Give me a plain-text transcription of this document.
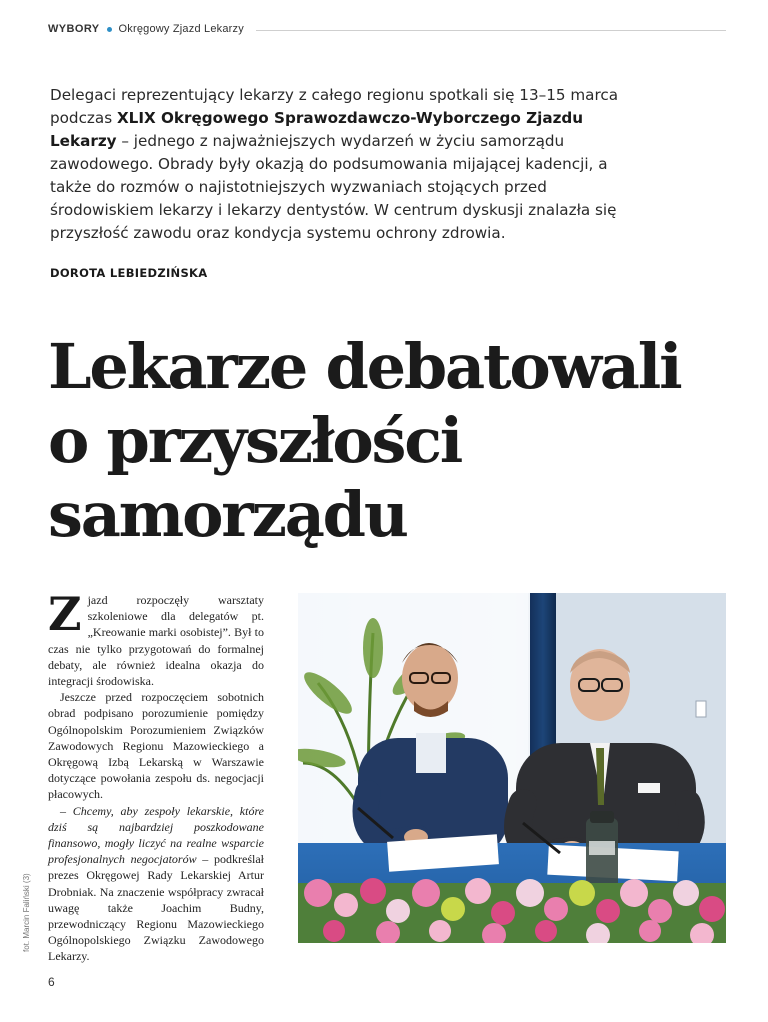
WYBORY Okręgowy Zjazd Lekarzy

Delegaci reprezentujący lekarzy z całego regionu spotkali się 13–15 marca podczas XLIX Okręgowego Sprawozdawczo-Wyborczego Zjazdu Lekarzy – jednego z najważniejszych wydarzeń w życiu samorządu zawodowego. Obrady były okazją do podsumowania mijającej kadencji, a także do rozmów o najistotniejszych wyzwaniach stojących przed środowiskiem lekarzy i lekarzy dentystów. W centrum dyskusji znalazła się przyszłość zawodu oraz kondycja systemu ochrony zdrowia.

DOROTA LEBIEDZIŃSKA
Lekarze debatowali
o przyszłości
samorządu

Zjazd rozpoczęły warsztaty szkoleniowe dla delegatów pt. „Kreowanie marki osobistej”. Był to czas nie tylko przygotowań do formalnej debaty, ale również idealna okazja do integracji środowiska.

Jeszcze przed rozpoczęciem sobotnich obrad podpisano porozumienie pomiędzy Ogólnopolskim Porozumieniem Związków Zawodowych Regionu Mazowieckiego a Okręgową Izbą Lekarską w Warszawie dotyczące powołania zespołu ds. negocjacji płacowych.

– Chcemy, aby zespoły lekarskie, które dziś są najbardziej poszkodowane finansowo, mogły liczyć na realne wsparcie profesjonalnych negocjatorów – podkreślał prezes Okręgowej Rady Lekarskiej Artur Drobniak. Na znaczenie współpracy zwracał uwagę także Joachim Budny, przewodniczący Regionu Mazowieckiego Ogólnopolskiego Związku Zawodowego Lekarzy.

fot. Marcin Faliński (3)
6
